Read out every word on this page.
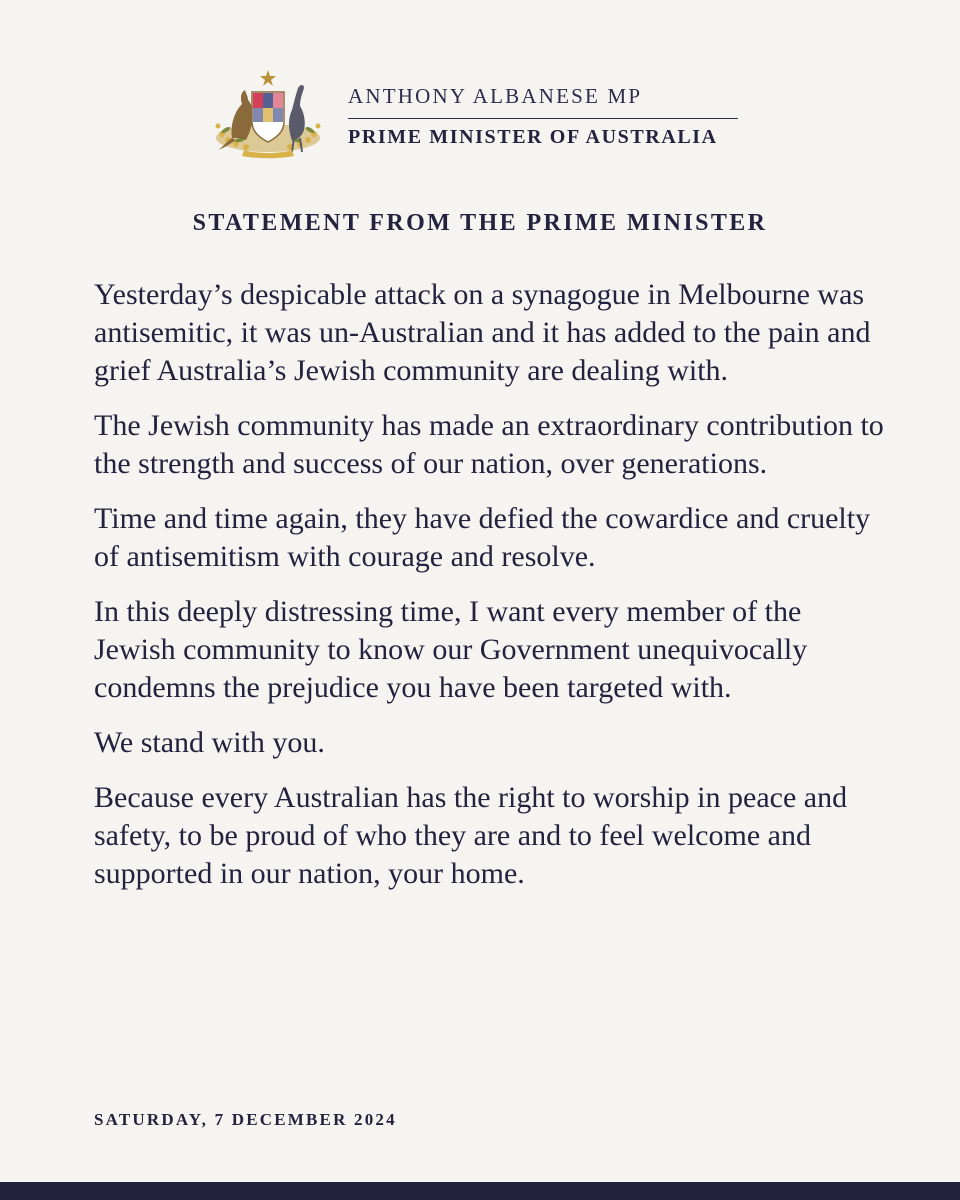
ANTHONY ALBANESE MP
PRIME MINISTER OF AUSTRALIA
STATEMENT FROM THE PRIME MINISTER

Yesterday’s despicable attack on a synagogue in Melbourne was antisemitic, it was un-Australian and it has added to the pain and grief Australia’s Jewish community are dealing with.

The Jewish community has made an extraordinary contribution to the strength and success of our nation, over generations.

Time and time again, they have defied the cowardice and cruelty of antisemitism with courage and resolve.

In this deeply distressing time, I want every member of the Jewish community to know our Government unequivocally condemns the prejudice you have been targeted with.

We stand with you.

Because every Australian has the right to worship in peace and safety, to be proud of who they are and to feel welcome and supported in our nation, your home.

SATURDAY, 7 DECEMBER 2024
